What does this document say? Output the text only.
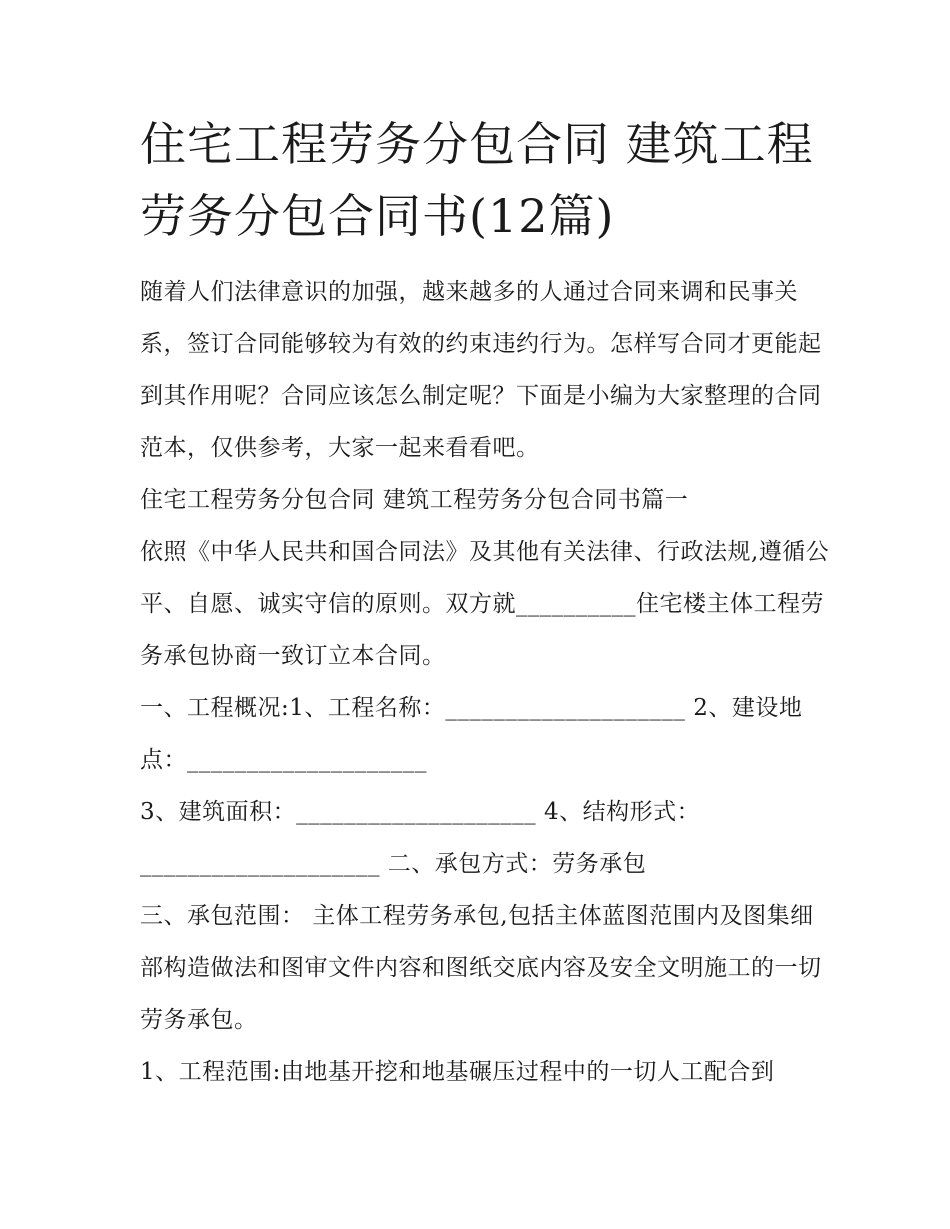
住宅工程劳务分包合同 建筑工程劳务分包合同书(12篇)

随着人们法律意识的加强，越来越多的人通过合同来调和民事关系，签订合同能够较为有效的约束违约行为。怎样写合同才更能起到其作用呢？合同应该怎么制定呢？下面是小编为大家整理的合同范本，仅供参考，大家一起来看看吧。

住宅工程劳务分包合同 建筑工程劳务分包合同书篇一

依照《中华人民共和国合同法》及其他有关法律、行政法规,遵循公平、自愿、诚实守信的原则。双方就__________住宅楼主体工程劳务承包协商一致订立本合同。

一、工程概况:1、工程名称：____________________ 2、建设地点：____________________

3、建筑面积：____________________ 4、结构形式：____________________ 二、承包方式：劳务承包

三、承包范围： 主体工程劳务承包,包括主体蓝图范围内及图集细部构造做法和图审文件内容和图纸交底内容及安全文明施工的一切劳务承包。

1、工程范围:由地基开挖和地基碾压过程中的一切人工配合到
